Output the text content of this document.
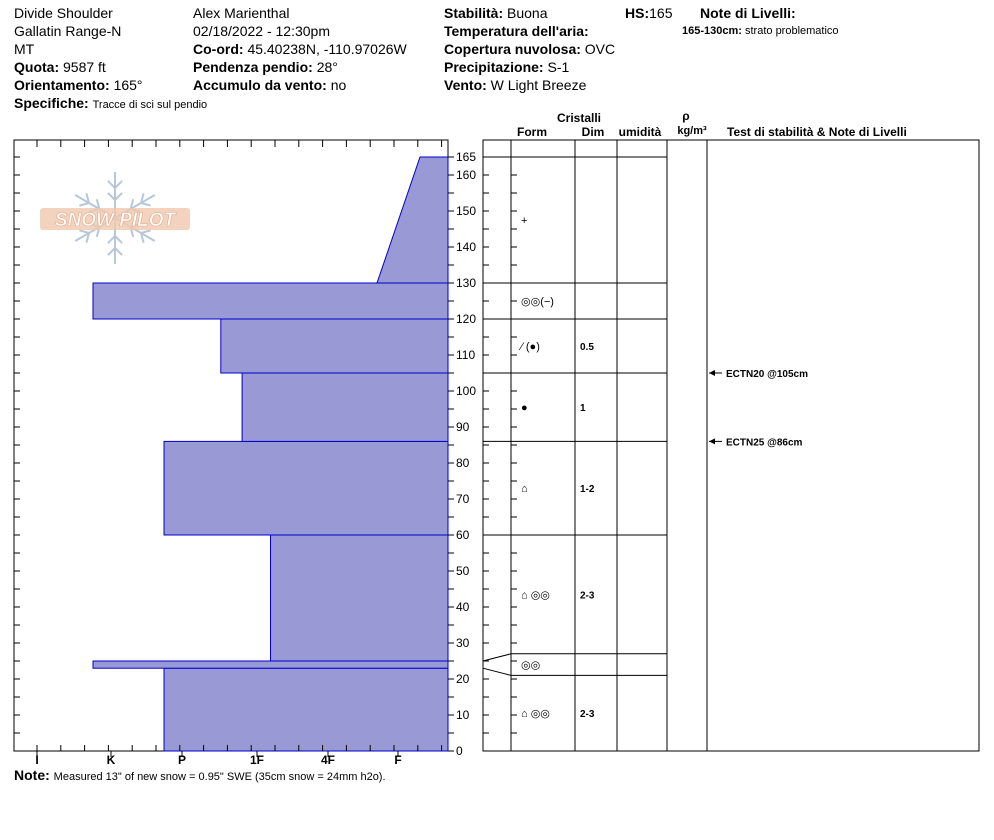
Divide Shoulder
Gallatin Range-N
MT
Quota: 9587 ft
Orientamento: 165°
Specifiche: Tracce di sci sul pendio
Alex Marienthal
02/18/2022 - 12:30pm
Co-ord: 45.40238N, -110.97026W
Pendenza pendio: 28°
Accumulo da vento: no
Stabilità: Buona
Temperatura dell'aria:
Copertura nuvolosa: OVC
Precipitazione: S-1
Vento: W Light Breeze
HS:165 Note di Livelli:
165-130cm: strato problematico
Note: Measured 13" of new snow = 0.95" SWE (35cm snow = 24mm h2o).
SNOW PILOT
I	K	P	1F	4F	F
0
10
20
30
40
50
60
70
80
90
100
110
120
130
140
150
160
165
Cristalli
Form	Dim umidità
ρ
kg/m³ Test di stabilità & Note di Livelli
⌂ ◎◎	2-3
◎◎
⌂ ◎◎	2-3
⌂	1-2
●	1
⁄ (●)	0.5
◎◎(−)
+
ECTN20 @105cm
ECTN25 @86cm
